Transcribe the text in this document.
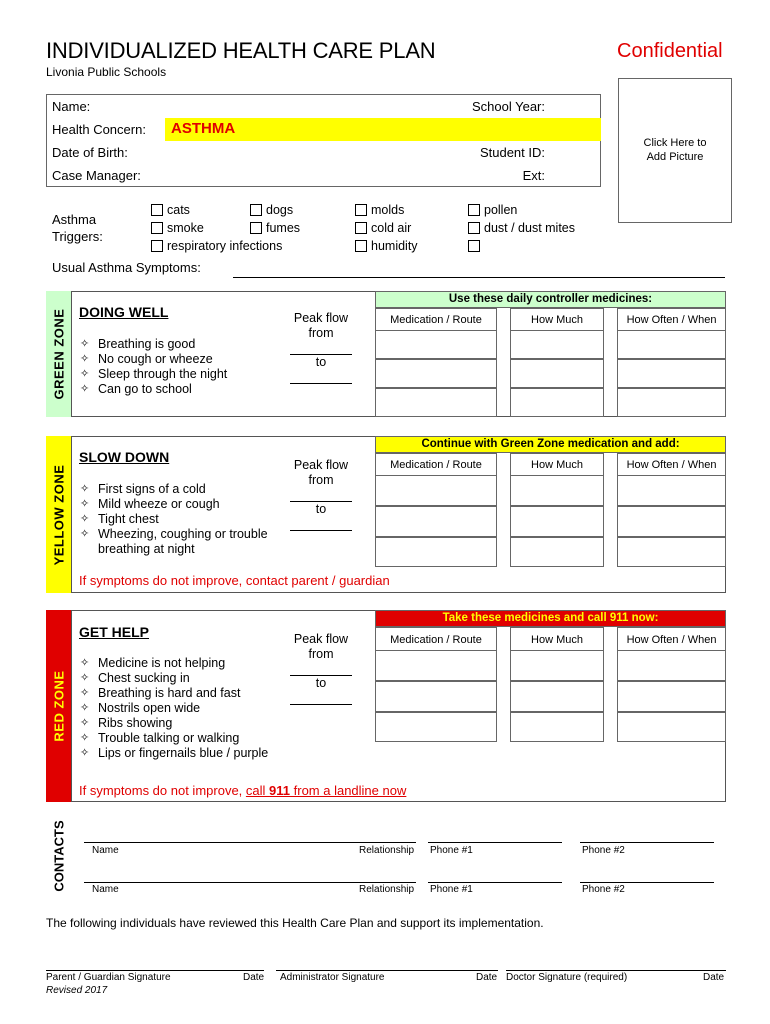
INDIVIDUALIZED HEALTH CARE PLAN	Confidential
Livonia Public Schools
Click Here to
Add Picture
Name:	School Year:
Health Concern: ASTHMA
Date of Birth:	Student ID:
Case Manager:	Ext:
Asthma
Triggers:
cats	dogs	molds	pollen
smoke	fumes	cold air	dust / dust mites
respiratory infections	humidity
Usual Asthma Symptoms:
GREEN ZONE DOING WELL
✧ Breathing is good
✧ No cough or wheeze
✧ Sleep through the night
✧ Can go to school
Peak flow
from
to
Use these daily controller medicines:
Medication / Route	How Much	How Often / When
YELLOW ZONE
SLOW DOWN
✧ First signs of a cold
✧ Mild wheeze or cough
✧ Tight chest
✧ Wheezing, coughing or trouble
breathing at night
Peak flow
from
to
Continue with Green Zone medication and add:
Medication / Route	How Much	How Often / When
If symptoms do not improve, contact parent / guardian
RED ZONE
GET HELP
✧ Medicine is not helping
✧ Chest sucking in
✧ Breathing is hard and fast
✧ Nostrils open wide
✧ Ribs showing
✧ Trouble talking or walking
✧ Lips or fingernails blue / purple
Peak flow
from
to
Take these medicines and call 911 now:
Medication / Route	How Much	How Often / When
If symptoms do not improve, call 911 from a landline now
CONTACTS	Name	Relationship Phone #1	Phone #2
Name	Relationship Phone #1	Phone #2
The following individuals have reviewed this Health Care Plan and support its implementation.
Parent / Guardian Signature	Date Administrator Signature	Date Doctor Signature (required)	Date
Revised 2017
